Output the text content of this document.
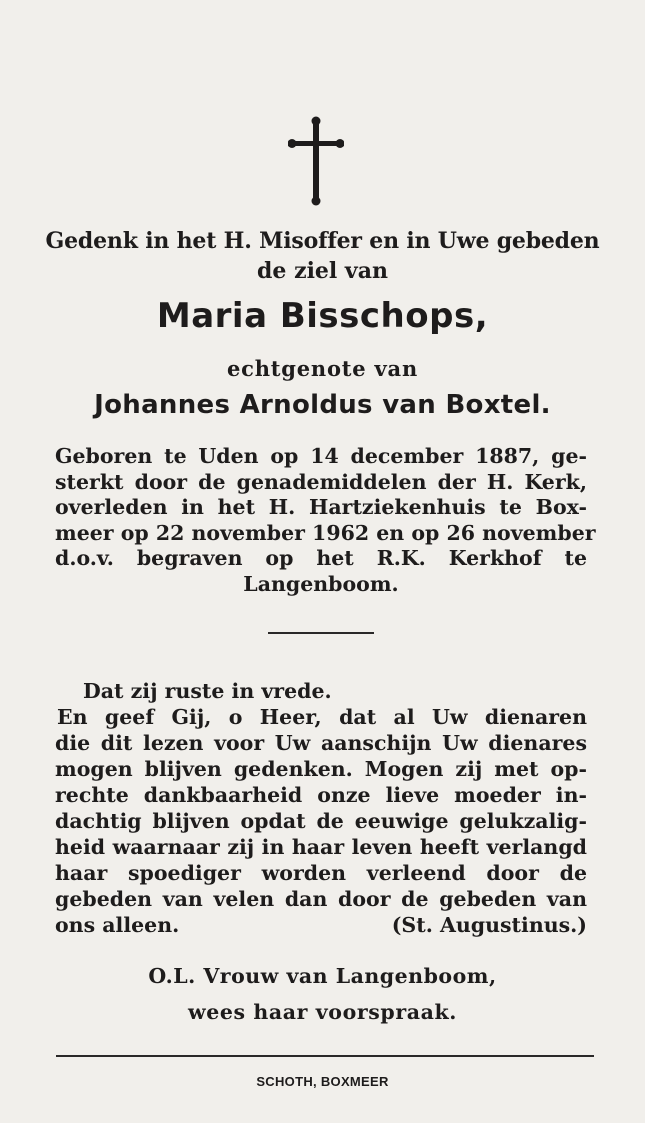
Gedenk in het H. Misoffer en in Uwe gebeden
de ziel van
Maria Bisschops,
echtgenote van
Johannes Arnoldus van Boxtel.
Geboren te Uden op 14 december 1887, ge-
sterkt door de genademiddelen der H. Kerk,
overleden in het H. Hartziekenhuis te Box-
meer op 22 november 1962 en op 26 november
d.o.v. begraven op het R.K. Kerkhof te
Langenboom.
Dat zij ruste in vrede.
En geef Gij, o Heer, dat al Uw dienaren
die dit lezen voor Uw aanschijn Uw dienares
mogen blijven gedenken. Mogen zij met op-
rechte dankbaarheid onze lieve moeder in-
dachtig blijven opdat de eeuwige gelukzalig-
heid waarnaar zij in haar leven heeft verlangd
haar spoediger worden verleend door de
gebeden van velen dan door de gebeden van
ons alleen.	(St. Augustinus.)
O.L. Vrouw van Langenboom,
wees haar voorspraak.
SCHOTH, BOXMEER
